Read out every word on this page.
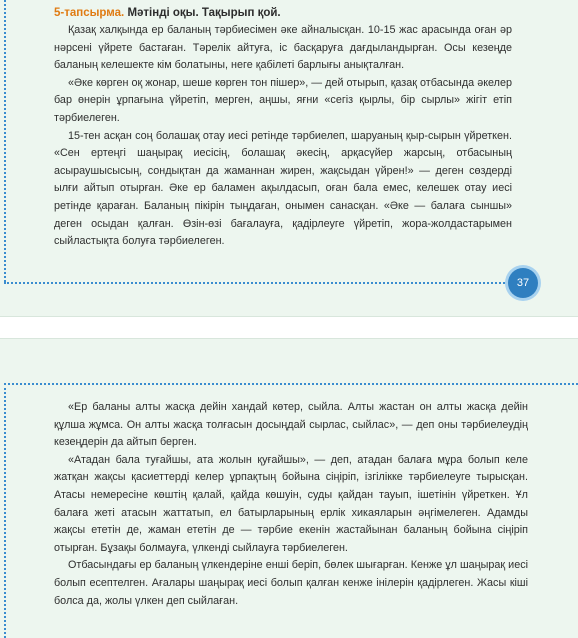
37

5-тапсырма. Мәтінді оқы. Тақырып қой.

Қазақ халқында ер баланың тәрбиесімен әке айналысқан. 10-15 жас арасында оған әр нәрсені үйрете бастаған. Тәрелік айтуға, іс басқаруға дағдыландырған. Осы кезеңде баланың келешекте кім болатыны, неге қабілеті барлығы анықталған.

«Әке көрген оқ жонар, шеше көрген тон пішер», — дей отырып, қазақ отбасында әкелер бар өнерін ұрпағына үйретіп, мерген, аңшы, яғни «сегіз қырлы, бір сырлы» жігіт етіп тәрбиелеген.

15-тен асқан соң болашақ отау иесі ретінде тәрбиелеп, шаруаның қыр-сырын үйреткен. «Сен ертеңгі шаңырақ иесісің, болашақ әкесің, арқасүйер жарсың, отбасының асыраушысысың, сондықтан да жаманнан жирен, жақсыдан үйрен!» — деген сөздерді ылғи айтып отырған. Әке ер баламен ақылдасып, оған бала емес, келешек отау иесі ретінде қараған. Баланың пікірін тыңдаған, онымен санасқан. «Әке — балаға сыншы» деген осыдан қалған. Өзін-өзі бағалауға, қадірлеуге үйретіп, жора-жолдастарымен сыйластықта болуға тәрбиелеген.

«Ер баланы алты жасқа дейін хандай көтер, сыйла. Алты жастан он алты жасқа дейін құлша жұмса. Он алты жасқа толғасын досыңдай сырлас, сыйлас», — деп оны тәрбиелеудің кезеңдерін да айтып берген.

«Атадан бала туғайшы, ата жолын қуғайшы», — деп, атадан балаға мұра болып келе жатқан жақсы қасиеттерді келер ұрпақтың бойына сіңіріп, ізгілікке тәрбиелеуге тырысқан. Атасы немересіне көштің қалай, қайда көшуін, суды қайдан тауып, ішетінін үйреткен. Ұл балаға жеті атасын жаттатып, ел батырларының ерлік хикаяларын әңгімелеген. Адамды жақсы ететін де, жаман ететін де — тәрбие екенін жастайынан баланың бойына сіңіріп отырған. Бұзақы болмауға, үлкенді сыйлауға тәрбиелеген.

Отбасындағы ер баланың үлкендеріне енші беріп, бөлек шығарған. Кенже ұл шаңырақ иесі болып есептелген. Ағалары шаңырақ иесі болып қалған кенже інілерін қадірлеген. Жасы кіші болса да, жолы үлкен деп сыйлаған.
